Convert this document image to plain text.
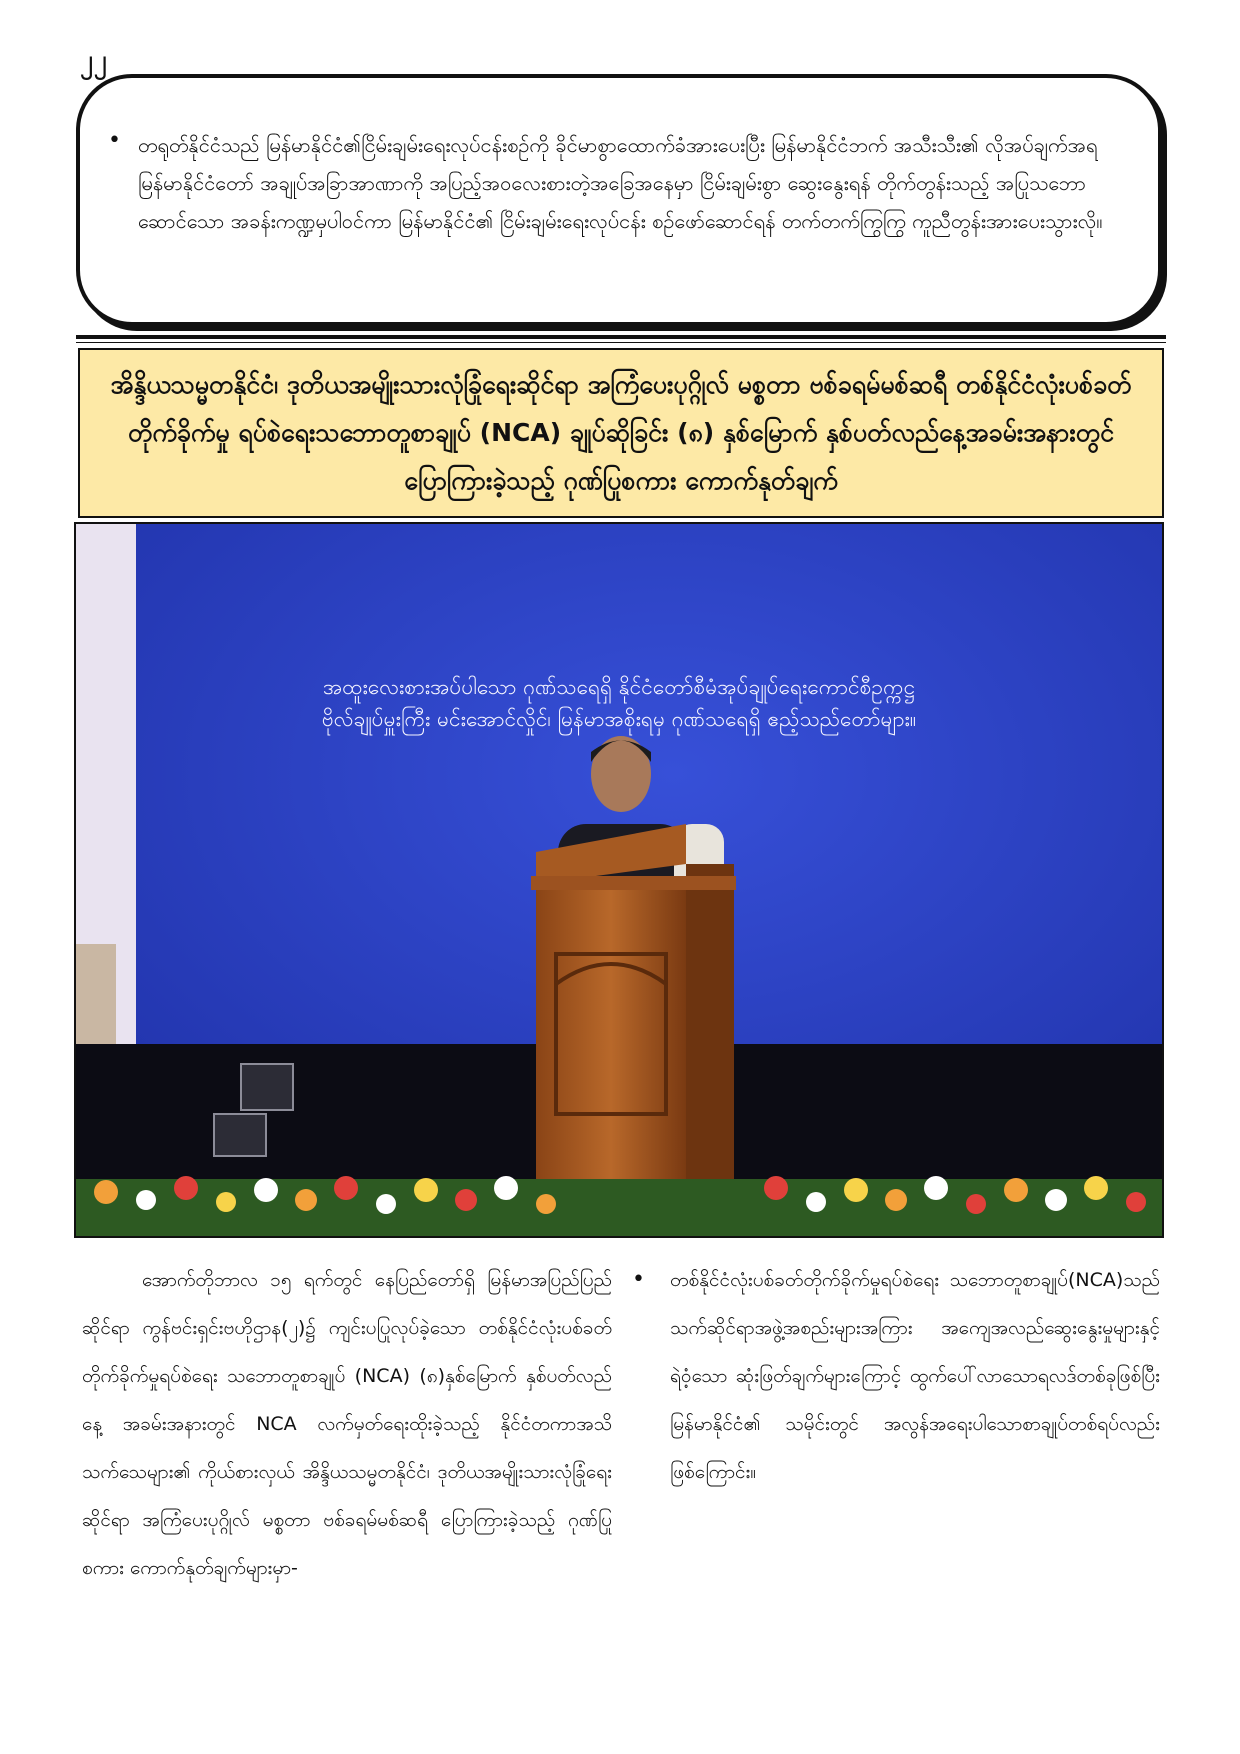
၂၂
• တရုတ်နိုင်ငံသည် မြန်မာနိုင်ငံ၏ငြိမ်းချမ်းရေးလုပ်ငန်းစဉ်ကို ခိုင်မာစွာထောက်ခံအားပေးပြီး မြန်မာနိုင်ငံဘက် အသီးသီး၏ လိုအပ်ချက်အရ မြန်မာနိုင်ငံတော် အချုပ်အခြာအာဏာကို အပြည့်အဝလေးစားတဲ့အခြေအနေမှာ ငြိမ်းချမ်းစွာ ဆွေးနွေးရန် တိုက်တွန်းသည့် အပြုသဘောဆောင်သော အခန်းကဏ္ဍမှပါဝင်ကာ မြန်မာနိုင်ငံ၏ ငြိမ်းချမ်းရေးလုပ်ငန်း စဉ်ဖော်ဆောင်ရန် တက်တက်ကြွကြွ ကူညီတွန်းအားပေးသွားလို။
အိန္ဒိယသမ္မတနိုင်ငံ၊ ဒုတိယအမျိုးသားလုံခြုံရေးဆိုင်ရာ အကြံပေးပုဂ္ဂိုလ် မစ္စတာ ဗစ်ခရမ်မစ်ဆရီ တစ်နိုင်ငံလုံးပစ်ခတ်တိုက်ခိုက်မှု ရပ်စဲရေးသဘောတူစာချုပ် (NCA) ချုပ်ဆိုခြင်း (၈) နှစ်မြောက် နှစ်ပတ်လည်နေ့အခမ်းအနားတွင် ပြောကြားခဲ့သည့် ဂုဏ်ပြုစကား ကောက်နုတ်ချက်
အထူးလေးစားအပ်ပါသော ဂုဏ်သရေရှိ နိုင်ငံတော်စီမံအုပ်ချုပ်ရေးကောင်စီဥက္ကဋ္ဌ
ဗိုလ်ချုပ်မှူးကြီး မင်းအောင်လှိုင်၊ မြန်မာအစိုးရမှ ဂုဏ်သရေရှိ ဧည့်သည်တော်များ။

အောက်တိုဘာလ ၁၅ ရက်တွင် နေပြည်တော်ရှိ မြန်မာအပြည်ပြည်ဆိုင်ရာ ကွန်ဗင်းရှင်းဗဟိုဌာန(၂)၌ ကျင်းပပြုလုပ်ခဲ့သော တစ်နိုင်ငံလုံးပစ်ခတ်တိုက်ခိုက်မှုရပ်စဲရေး သဘောတူစာချုပ် (NCA) (၈)နှစ်မြောက် နှစ်ပတ်လည်နေ့ အခမ်းအနားတွင် NCA လက်မှတ်ရေးထိုးခဲ့သည့် နိုင်ငံတကာအသိသက်သေများ၏ ကိုယ်စားလှယ် အိန္ဒိယသမ္မတနိုင်ငံ၊ ဒုတိယအမျိုးသားလုံခြုံရေးဆိုင်ရာ အကြံပေးပုဂ္ဂိုလ် မစ္စတာ ဗစ်ခရမ်မစ်ဆရီ ပြောကြားခဲ့သည့် ဂုဏ်ပြုစကား ကောက်နုတ်ချက်များမှာ-

• တစ်နိုင်ငံလုံးပစ်ခတ်တိုက်ခိုက်မှုရပ်စဲရေး သဘောတူစာချုပ်(NCA)သည် သက်ဆိုင်ရာအဖွဲ့အစည်းများအကြား အကျေအလည်ဆွေးနွေးမှုများနှင့် ရဲဝံ့သော ဆုံးဖြတ်ချက်များကြောင့် ထွက်ပေါ်လာသောရလဒ်တစ်ခုဖြစ်ပြီး မြန်မာနိုင်ငံ၏ သမိုင်းတွင် အလွန်အရေးပါသောစာချုပ်တစ်ရပ်လည်းဖြစ်ကြောင်း။
